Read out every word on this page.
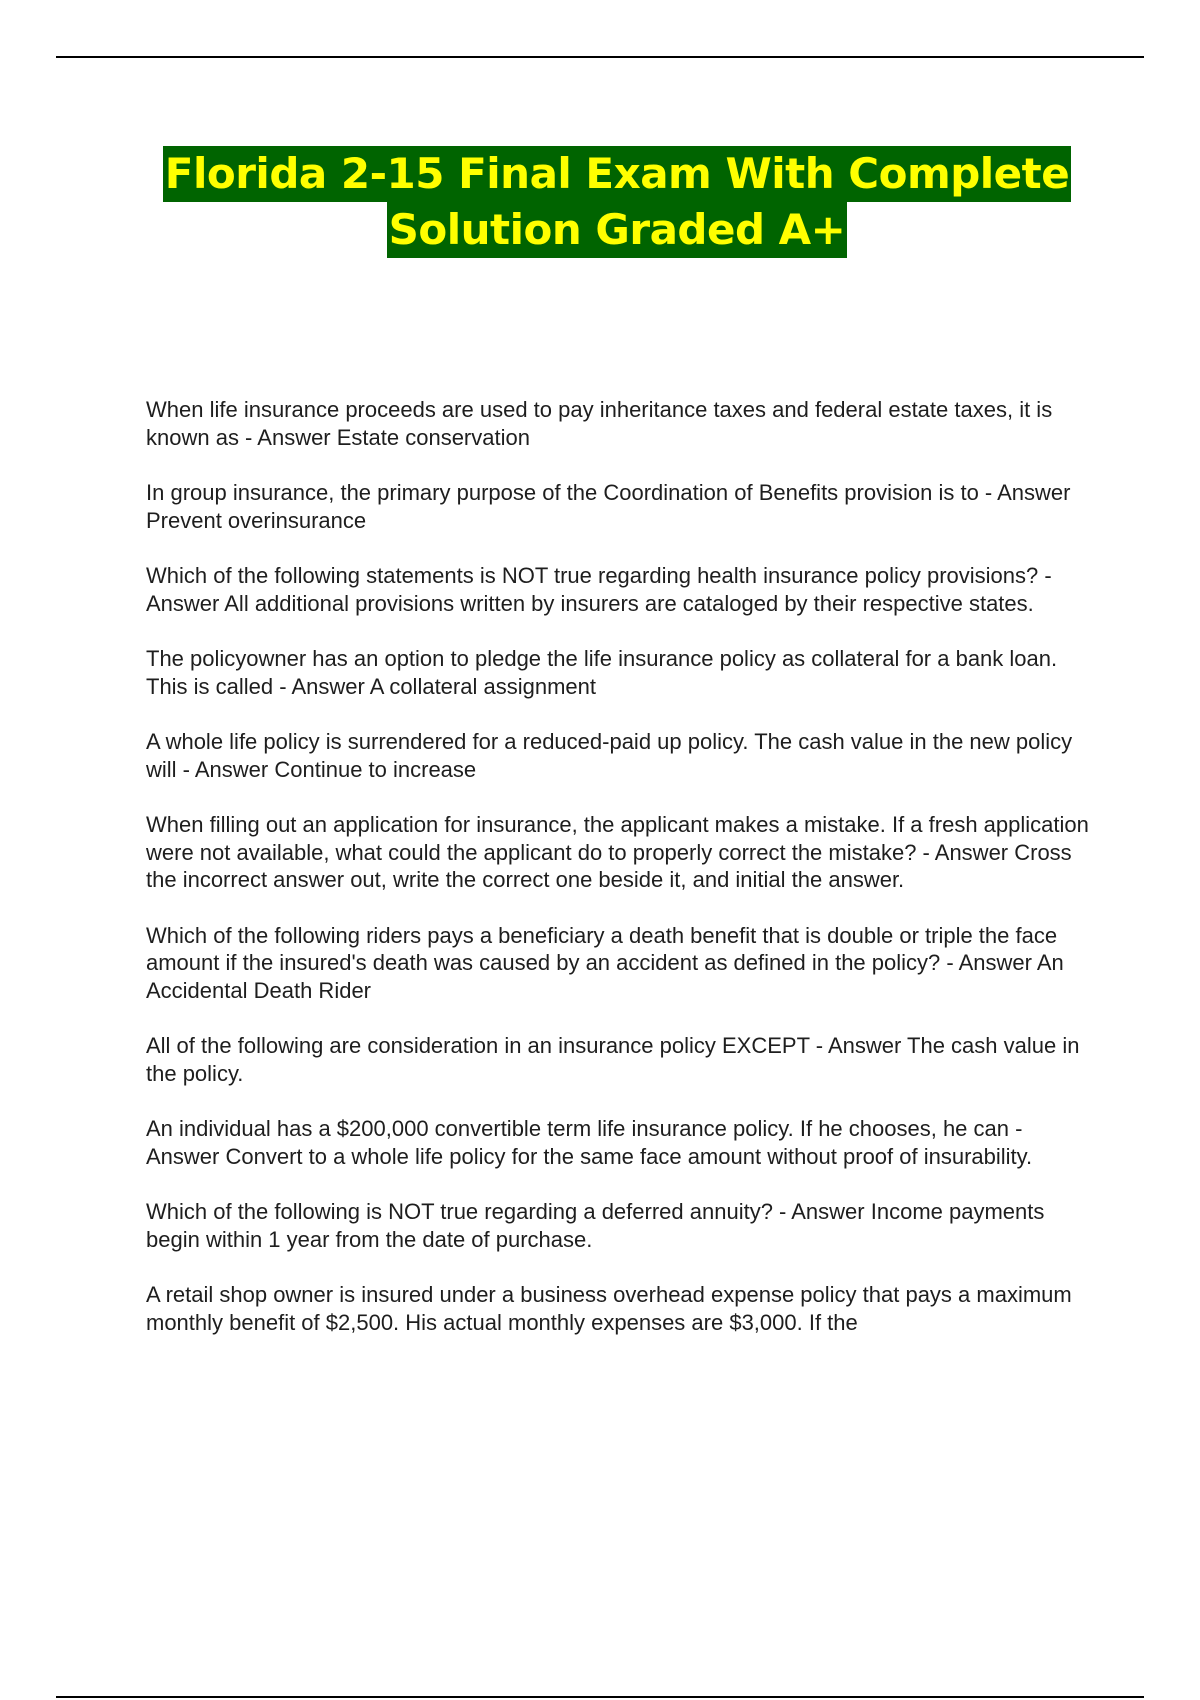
Florida 2-15 Final Exam With Complete
Solution Graded A+

When life insurance proceeds are used to pay inheritance taxes and federal estate taxes, it is known as - Answer Estate conservation

In group insurance, the primary purpose of the Coordination of Benefits provision is to - Answer Prevent overinsurance

Which of the following statements is NOT true regarding health insurance policy provisions? - Answer All additional provisions written by insurers are cataloged by their respective states.

The policyowner has an option to pledge the life insurance policy as collateral for a bank loan. This is called - Answer A collateral assignment

A whole life policy is surrendered for a reduced-paid up policy. The cash value in the new policy will - Answer Continue to increase

When filling out an application for insurance, the applicant makes a mistake. If a fresh application were not available, what could the applicant do to properly correct the mistake? - Answer Cross the incorrect answer out, write the correct one beside it, and initial the answer.

Which of the following riders pays a beneficiary a death benefit that is double or triple the face amount if the insured's death was caused by an accident as defined in the policy? - Answer An Accidental Death Rider

All of the following are consideration in an insurance policy EXCEPT - Answer The cash value in the policy.

An individual has a $200,000 convertible term life insurance policy. If he chooses, he can - Answer Convert to a whole life policy for the same face amount without proof of insurability.

Which of the following is NOT true regarding a deferred annuity? - Answer Income payments begin within 1 year from the date of purchase.

A retail shop owner is insured under a business overhead expense policy that pays a maximum monthly benefit of $2,500. His actual monthly expenses are $3,000. If the
